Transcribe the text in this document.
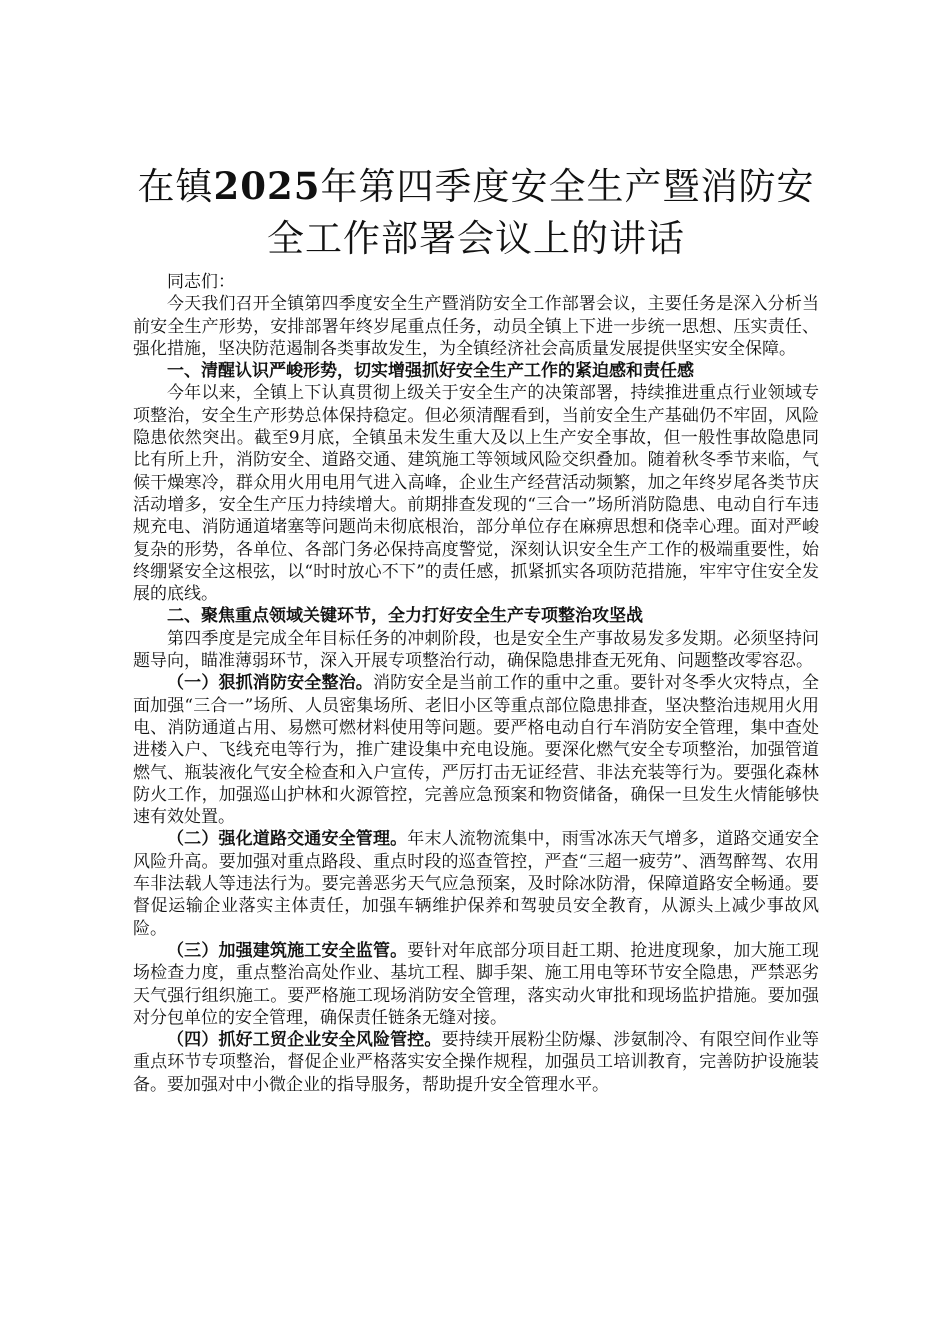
在镇2025年第四季度安全生产暨消防安全工作部署会议上的讲话

同志们：

今天我们召开全镇第四季度安全生产暨消防安全工作部署会议，主要任务是深入分析当前安全生产形势，安排部署年终岁尾重点任务，动员全镇上下进一步统一思想、压实责任、强化措施，坚决防范遏制各类事故发生，为全镇经济社会高质量发展提供坚实安全保障。

一、清醒认识严峻形势，切实增强抓好安全生产工作的紧迫感和责任感

今年以来，全镇上下认真贯彻上级关于安全生产的决策部署，持续推进重点行业领域专项整治，安全生产形势总体保持稳定。但必须清醒看到，当前安全生产基础仍不牢固，风险隐患依然突出。截至9月底，全镇虽未发生重大及以上生产安全事故，但一般性事故隐患同比有所上升，消防安全、道路交通、建筑施工等领域风险交织叠加。随着秋冬季节来临，气候干燥寒冷，群众用火用电用气进入高峰，企业生产经营活动频繁，加之年终岁尾各类节庆活动增多，安全生产压力持续增大。前期排查发现的“三合一”场所消防隐患、电动自行车违规充电、消防通道堵塞等问题尚未彻底根治，部分单位存在麻痹思想和侥幸心理。面对严峻复杂的形势，各单位、各部门务必保持高度警觉，深刻认识安全生产工作的极端重要性，始终绷紧安全这根弦，以“时时放心不下”的责任感，抓紧抓实各项防范措施，牢牢守住安全发展的底线。

二、聚焦重点领域关键环节，全力打好安全生产专项整治攻坚战

第四季度是完成全年目标任务的冲刺阶段，也是安全生产事故易发多发期。必须坚持问题导向，瞄准薄弱环节，深入开展专项整治行动，确保隐患排查无死角、问题整改零容忍。

（一）狠抓消防安全整治。消防安全是当前工作的重中之重。要针对冬季火灾特点，全面加强“三合一”场所、人员密集场所、老旧小区等重点部位隐患排查，坚决整治违规用火用电、消防通道占用、易燃可燃材料使用等问题。要严格电动自行车消防安全管理，集中查处进楼入户、飞线充电等行为，推广建设集中充电设施。要深化燃气安全专项整治，加强管道燃气、瓶装液化气安全检查和入户宣传，严厉打击无证经营、非法充装等行为。要强化森林防火工作，加强巡山护林和火源管控，完善应急预案和物资储备，确保一旦发生火情能够快速有效处置。

（二）强化道路交通安全管理。年末人流物流集中，雨雪冰冻天气增多，道路交通安全风险升高。要加强对重点路段、重点时段的巡查管控，严查“三超一疲劳”、酒驾醉驾、农用车非法载人等违法行为。要完善恶劣天气应急预案，及时除冰防滑，保障道路安全畅通。要督促运输企业落实主体责任，加强车辆维护保养和驾驶员安全教育，从源头上减少事故风险。

（三）加强建筑施工安全监管。要针对年底部分项目赶工期、抢进度现象，加大施工现场检查力度，重点整治高处作业、基坑工程、脚手架、施工用电等环节安全隐患，严禁恶劣天气强行组织施工。要严格施工现场消防安全管理，落实动火审批和现场监护措施。要加强对分包单位的安全管理，确保责任链条无缝对接。

（四）抓好工贸企业安全风险管控。要持续开展粉尘防爆、涉氨制冷、有限空间作业等重点环节专项整治，督促企业严格落实安全操作规程，加强员工培训教育，完善防护设施装备。要加强对中小微企业的指导服务，帮助提升安全管理水平。
